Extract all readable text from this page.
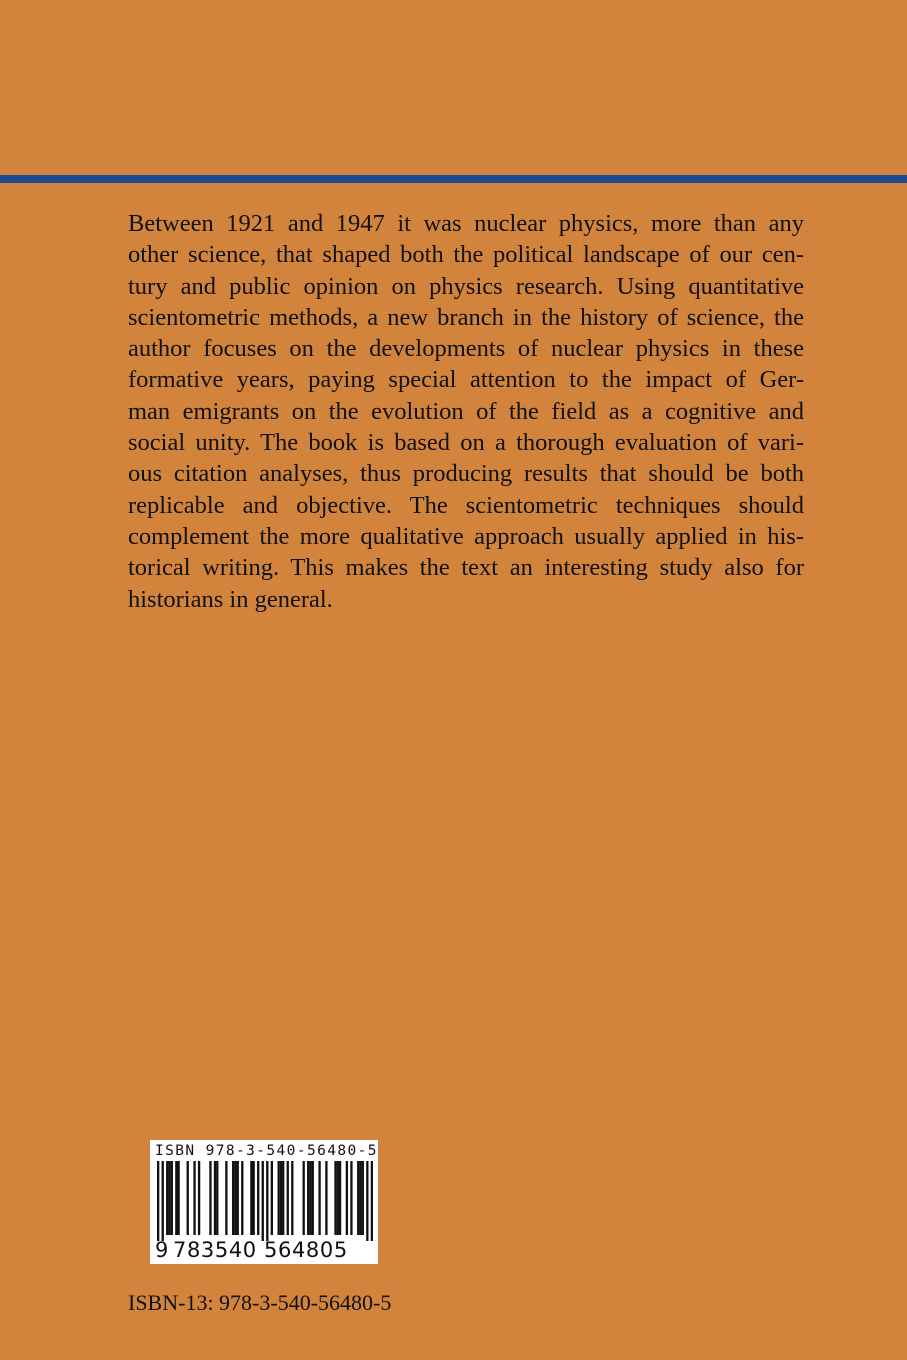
Between 1921 and 1947 it was nuclear physics, more than any
other science, that shaped both the political landscape of our cen-
tury and public opinion on physics research. Using quantitative
scientometric methods, a new branch in the history of science, the
author focuses on the developments of nuclear physics in these
formative years, paying special attention to the impact of Ger-
man emigrants on the evolution of the field as a cognitive and
social unity. The book is based on a thorough evaluation of vari-
ous citation analyses, thus producing results that should be both
replicable and objective. The scientometric techniques should
complement the more qualitative approach usually applied in his-
torical writing. This makes the text an interesting study also for
historians in general.
ISBN 978-3-540-56480-5
9 783540 564805
ISBN-13: 978-3-540-56480-5
